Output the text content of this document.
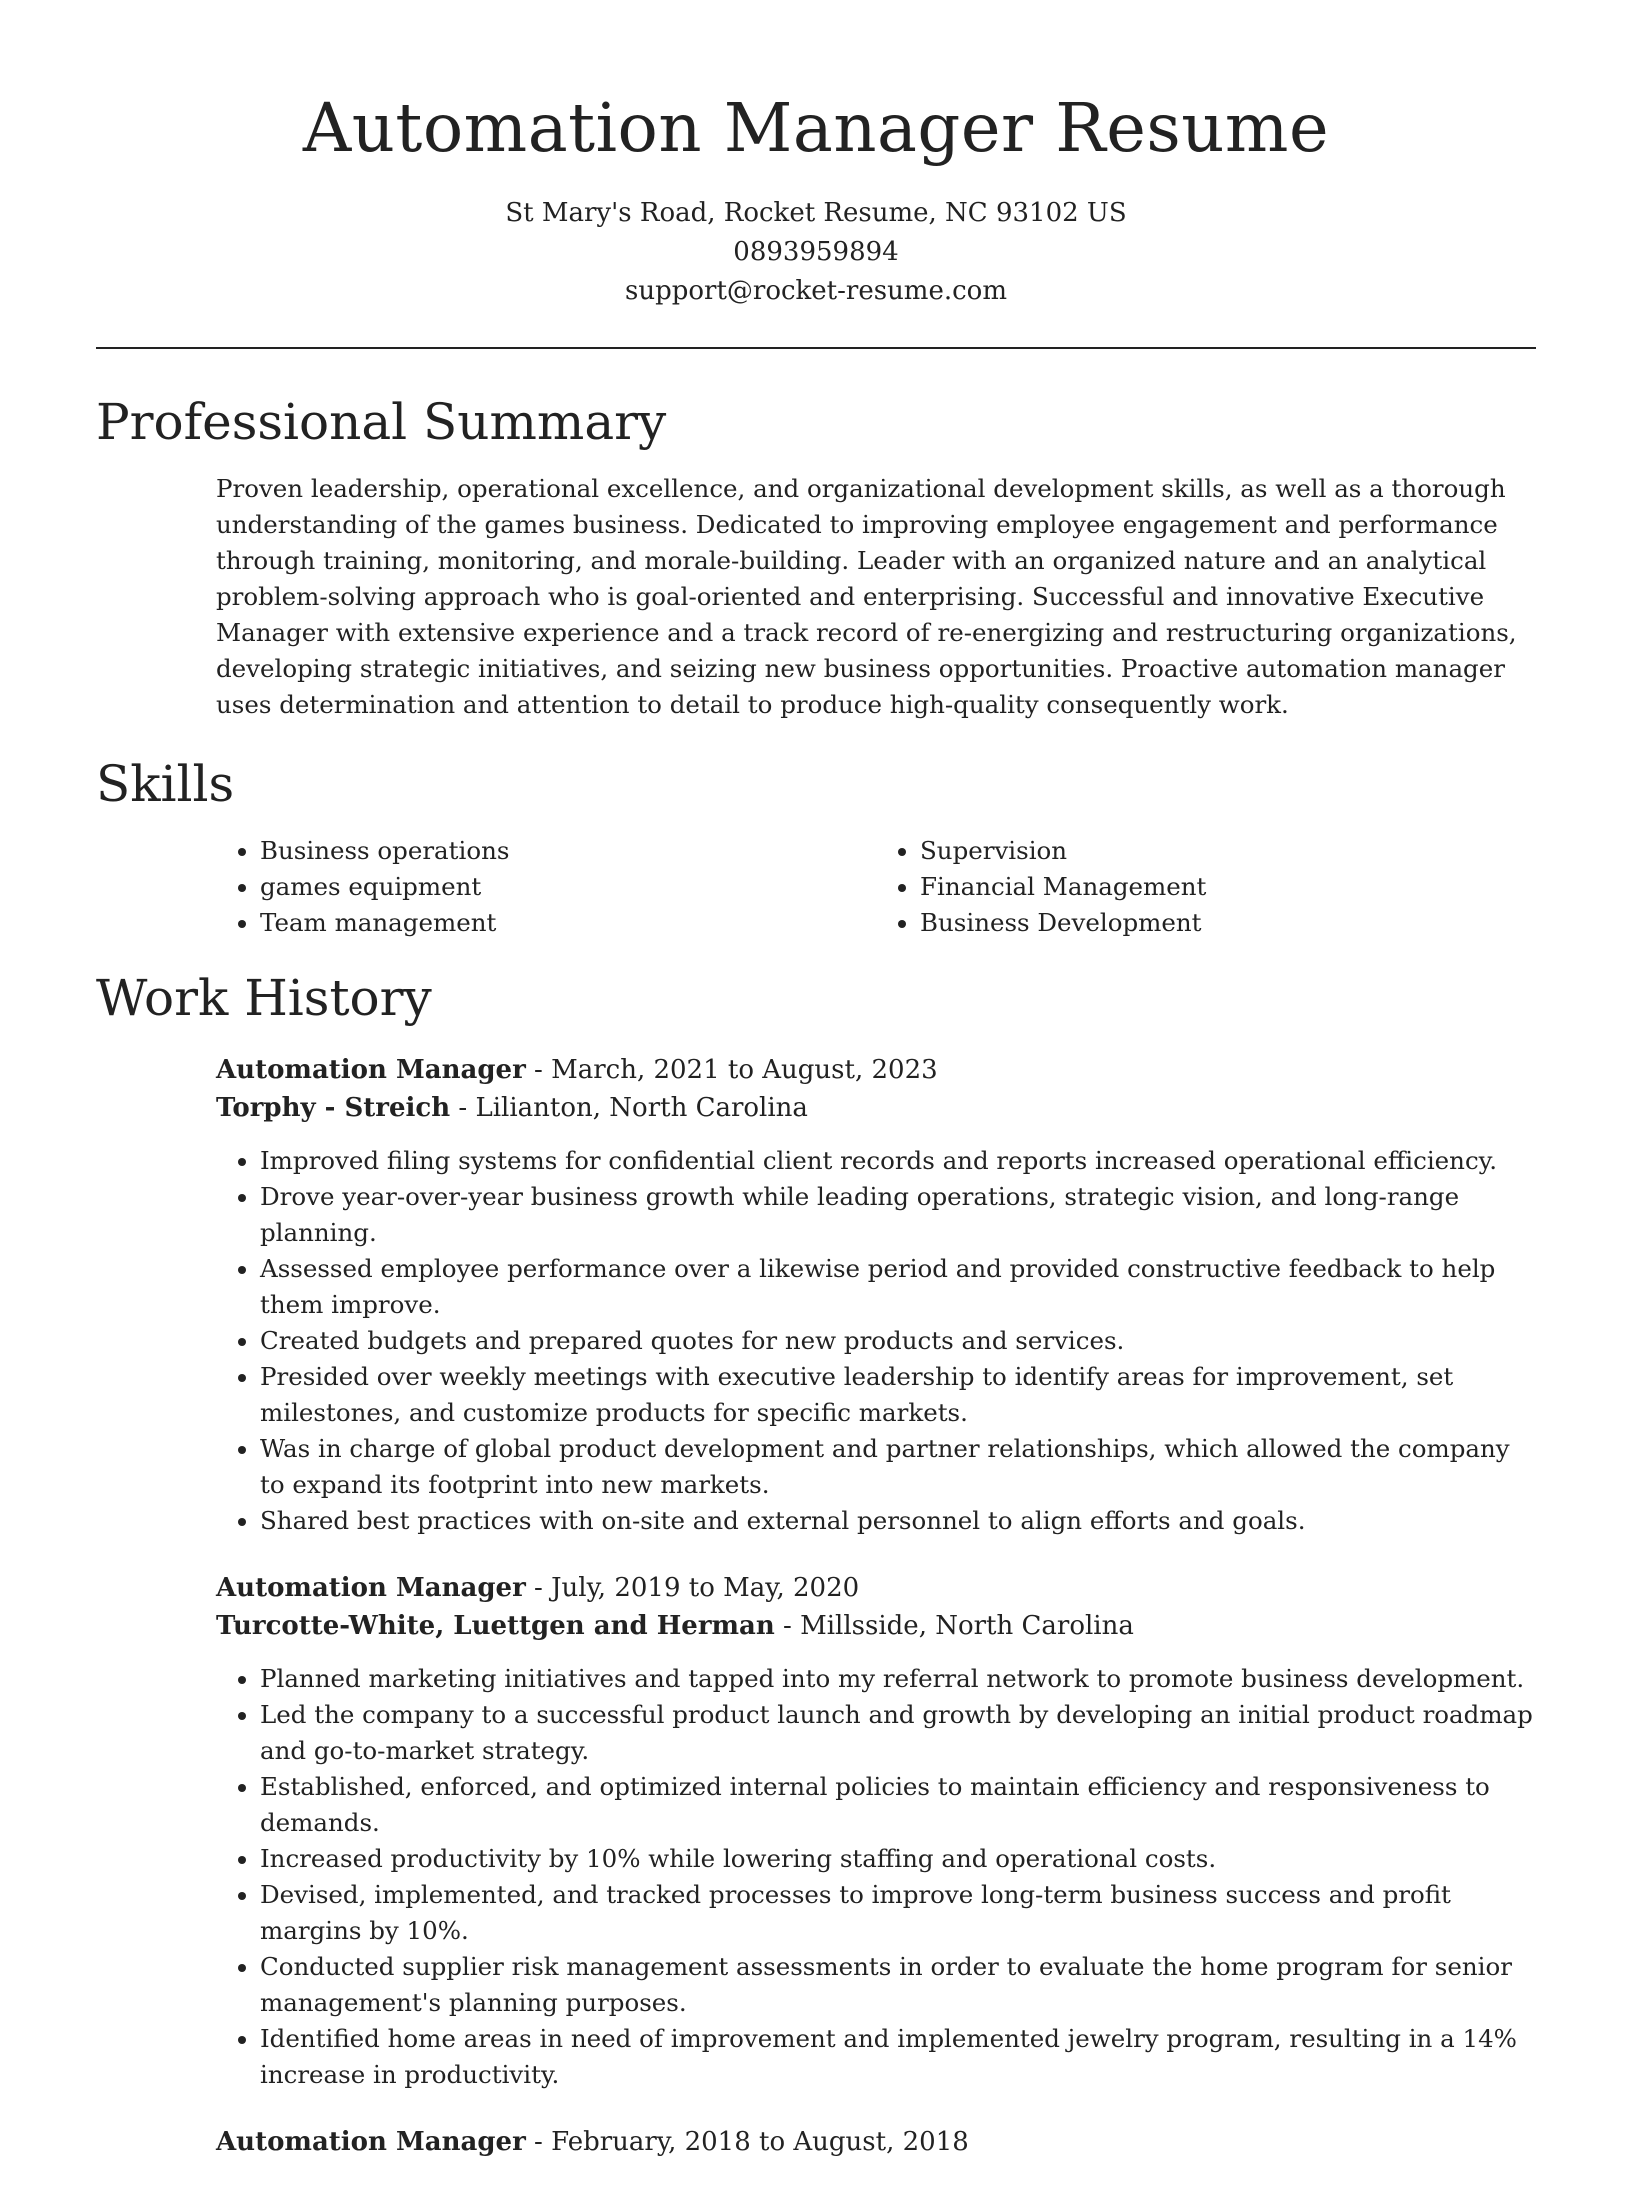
Automation Manager Resume
St Mary's Road, Rocket Resume, NC 93102 US
0893959894
support@rocket-resume.com
Professional Summary

Proven leadership, operational excellence, and organizational development skills, as well as a thorough understanding of the games business. Dedicated to improving employee engagement and performance through training, monitoring, and morale-building. Leader with an organized nature and an analytical problem-solving approach who is goal-oriented and enterprising. Successful and innovative Executive Manager with extensive experience and a track record of re-energizing and restructuring organizations, developing strategic initiatives, and seizing new business opportunities. Proactive automation manager uses determination and attention to detail to produce high-quality consequently work.

Skills
• Business operations
• games equipment
• Team management
• Supervision
• Financial Management
• Business Development
Work History
Automation Manager - March, 2021 to August, 2023
Torphy - Streich - Lilianton, North Carolina
• Improved filing systems for confidential client records and reports increased operational efficiency.
• Drove year-over-year business growth while leading operations, strategic vision, and long-range planning.
• Assessed employee performance over a likewise period and provided constructive feedback to help them improve.
• Created budgets and prepared quotes for new products and services.
• Presided over weekly meetings with executive leadership to identify areas for improvement, set milestones, and customize products for specific markets.
• Was in charge of global product development and partner relationships, which allowed the company to expand its footprint into new markets.
• Shared best practices with on-site and external personnel to align efforts and goals.
Automation Manager - July, 2019 to May, 2020
Turcotte-White, Luettgen and Herman - Millsside, North Carolina
• Planned marketing initiatives and tapped into my referral network to promote business development.
• Led the company to a successful product launch and growth by developing an initial product roadmap and go-to-market strategy.
• Established, enforced, and optimized internal policies to maintain efficiency and responsiveness to demands.
• Increased productivity by 10% while lowering staffing and operational costs.
• Devised, implemented, and tracked processes to improve long-term business success and profit margins by 10%.
• Conducted supplier risk management assessments in order to evaluate the home program for senior management's planning purposes.
• Identified home areas in need of improvement and implemented jewelry program, resulting in a 14% increase in productivity.
Automation Manager - February, 2018 to August, 2018
